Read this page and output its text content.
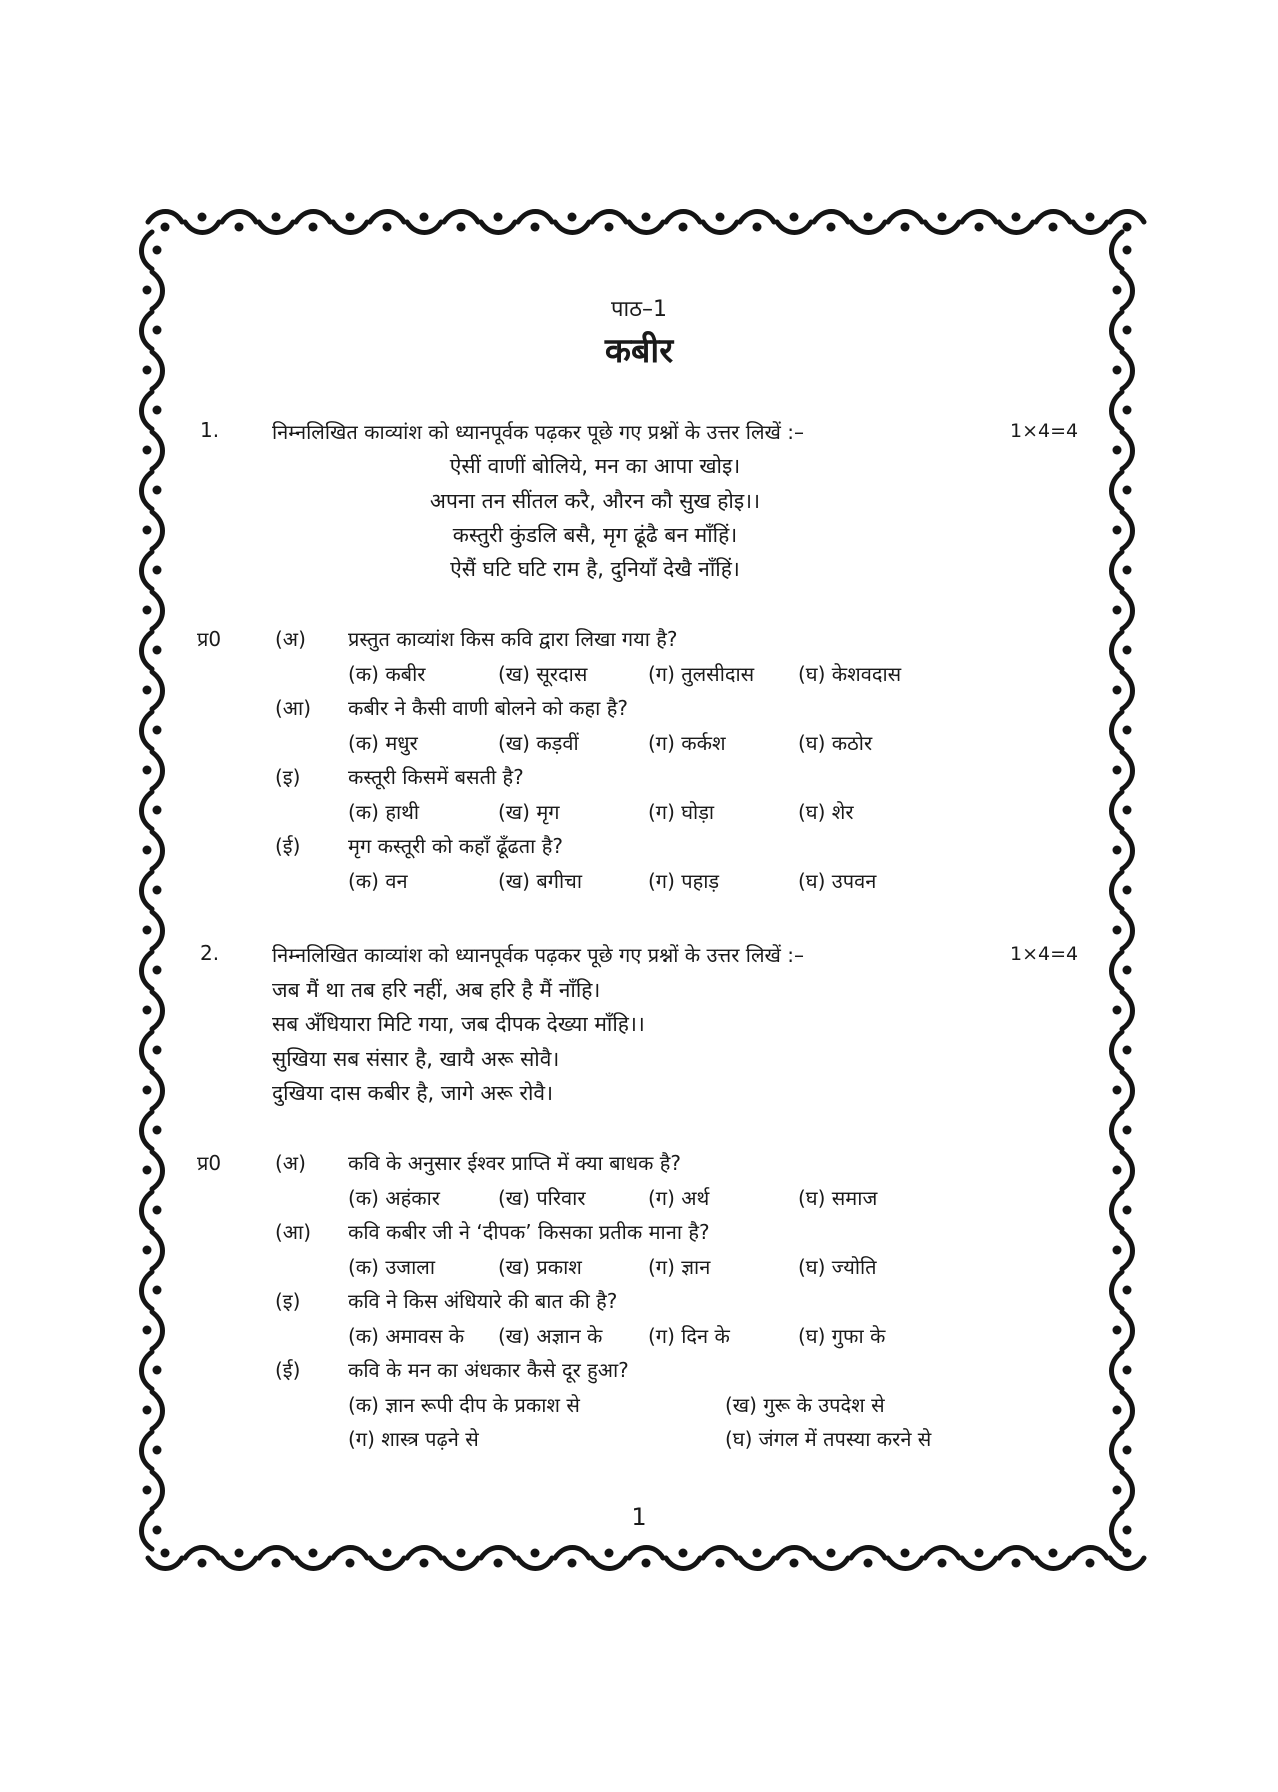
पाठ–1
कबीर
1.	निम्नलिखित काव्यांश को ध्यानपूर्वक पढ़कर पूछे गए प्रश्नों के उत्तर लिखें :–	1×4=4
ऐसीं वाणीं बोलिये, मन का आपा खोइ।
अपना तन सींतल करै, औरन कौ सुख होइ।।
कस्तुरी कुंडलि बसै, मृग ढूंढै बन माँहिं।
ऐसैं घटि घटि राम है, दुनियाँ देखै नाँहिं।
प्र0	(अ) प्रस्तुत काव्यांश किस कवि द्वारा लिखा गया है?
(क) कबीर	(ख) सूरदास	(ग) तुलसीदास (घ) केशवदास
(आ) कबीर ने कैसी वाणी बोलने को कहा है?
(क) मधुर	(ख) कड़वीं	(ग) कर्कश	(घ) कठोर
(इ) कस्तूरी किसमें बसती है?
(क) हाथी	(ख) मृग	(ग) घोड़ा	(घ) शेर
(ई) मृग कस्तूरी को कहाँ ढूँढता है?
(क) वन	(ख) बगीचा	(ग) पहाड़	(घ) उपवन
2.	निम्नलिखित काव्यांश को ध्यानपूर्वक पढ़कर पूछे गए प्रश्नों के उत्तर लिखें :–	1×4=4
जब मैं था तब हरि नहीं, अब हरि है मैं नाँहि।
सब अँधियारा मिटि गया, जब दीपक देख्या माँहि।।
सुखिया सब संसार है, खायै अरू सोवै।
दुखिया दास कबीर है, जागे अरू रोवै।
प्र0	(अ) कवि के अनुसार ईश्वर प्राप्ति में क्या बाधक है?
(क) अहंकार	(ख) परिवार	(ग) अर्थ	(घ) समाज
(आ) कवि कबीर जी ने ‘दीपक’ किसका प्रतीक माना है?
(क) उजाला	(ख) प्रकाश	(ग) ज्ञान	(घ) ज्योति
(इ) कवि ने किस अंधियारे की बात की है?
(क) अमावस के (ख) अज्ञान के (ग) दिन के	(घ) गुफा के
(ई) कवि के मन का अंधकार कैसे दूर हुआ?
(क) ज्ञान रूपी दीप के प्रकाश से	(ख) गुरू के उपदेश से
(ग) शास्त्र पढ़ने से	(घ) जंगल में तपस्या करने से
1
